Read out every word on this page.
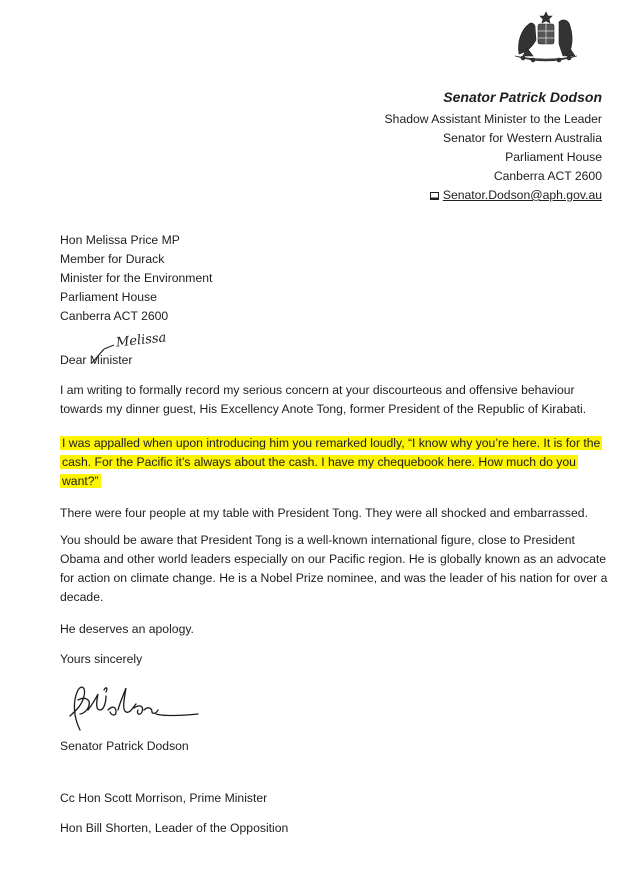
Senator Patrick Dodson
Shadow Assistant Minister to the Leader
Senator for Western Australia
Parliament House
Canberra ACT 2600
Senator.Dodson@aph.gov.au
Hon Melissa Price MP
Member for Durack
Minister for the Environment
Parliament House
Canberra ACT 2600
Melissa
Dear Minister
I am writing to formally record my serious concern at your discourteous and offensive behaviour towards my dinner guest, His Excellency Anote Tong, former President of the Republic of Kirabati.
I was appalled when upon introducing him you remarked loudly, “I know why you’re here. It is for the cash. For the Pacific it’s always about the cash. I have my chequebook here. How much do you want?”
There were four people at my table with President Tong. They were all shocked and embarrassed.
You should be aware that President Tong is a well-known international figure, close to President Obama and other world leaders especially on our Pacific region. He is globally known as an advocate for action on climate change. He is a Nobel Prize nominee, and was the leader of his nation for over a decade.
He deserves an apology.
Yours sincerely
Senator Patrick Dodson
Cc Hon Scott Morrison, Prime Minister
Hon Bill Shorten, Leader of the Opposition
